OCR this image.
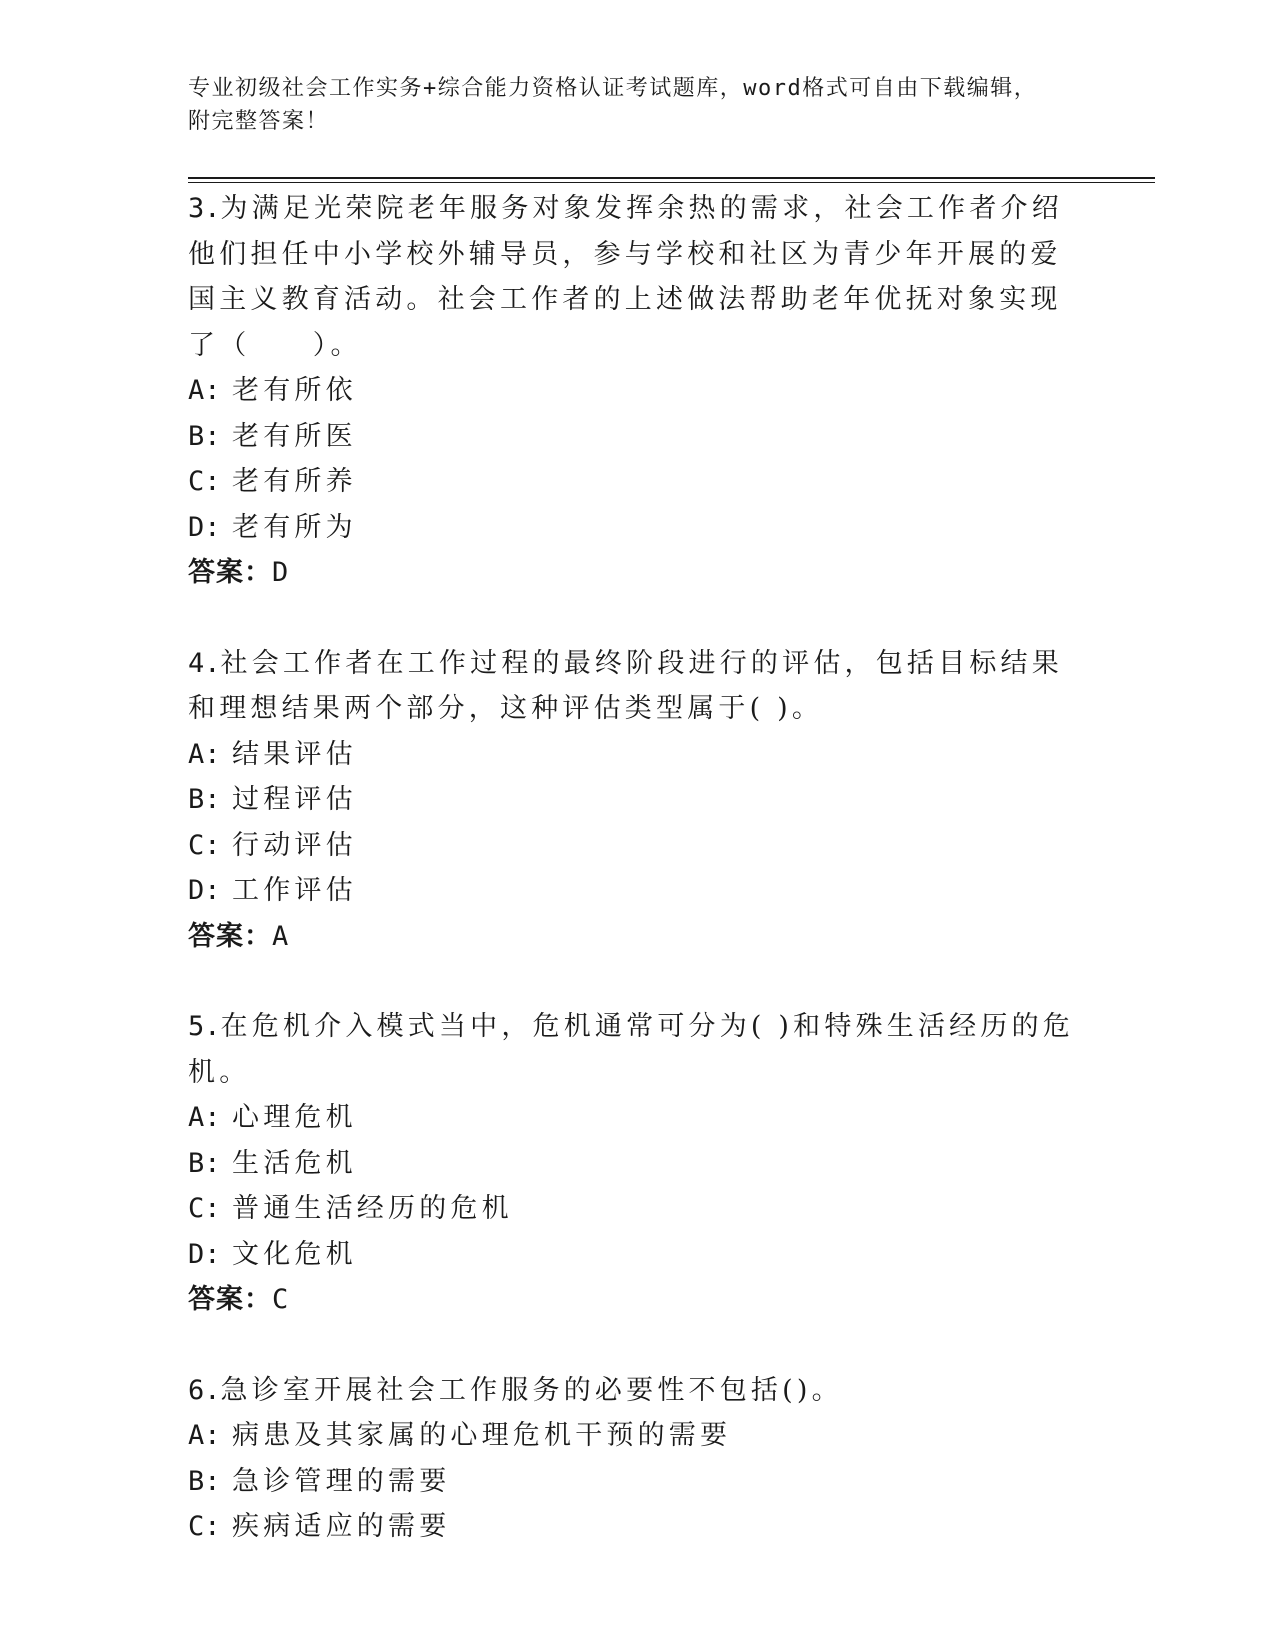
专业初级社会工作实务+综合能力资格认证考试题库，word格式可自由下载编辑，
附完整答案！

3.为满足光荣院老年服务对象发挥余热的需求，社会工作者介绍他们担任中小学校外辅导员，参与学校和社区为青少年开展的爱国主义教育活动。社会工作者的上述做法帮助老年优抚对象实现了（　　）。

A: 老有所依

B: 老有所医

C: 老有所养

D: 老有所为

答案：D

4.社会工作者在工作过程的最终阶段进行的评估，包括目标结果和理想结果两个部分，这种评估类型属于( )。

A: 结果评估

B: 过程评估

C: 行动评估

D: 工作评估

答案：A

5.在危机介入模式当中，危机通常可分为( )和特殊生活经历的危机。

A: 心理危机

B: 生活危机

C: 普通生活经历的危机

D: 文化危机

答案：C

6.急诊室开展社会工作服务的必要性不包括()。

A: 病患及其家属的心理危机干预的需要

B: 急诊管理的需要

C: 疾病适应的需要
